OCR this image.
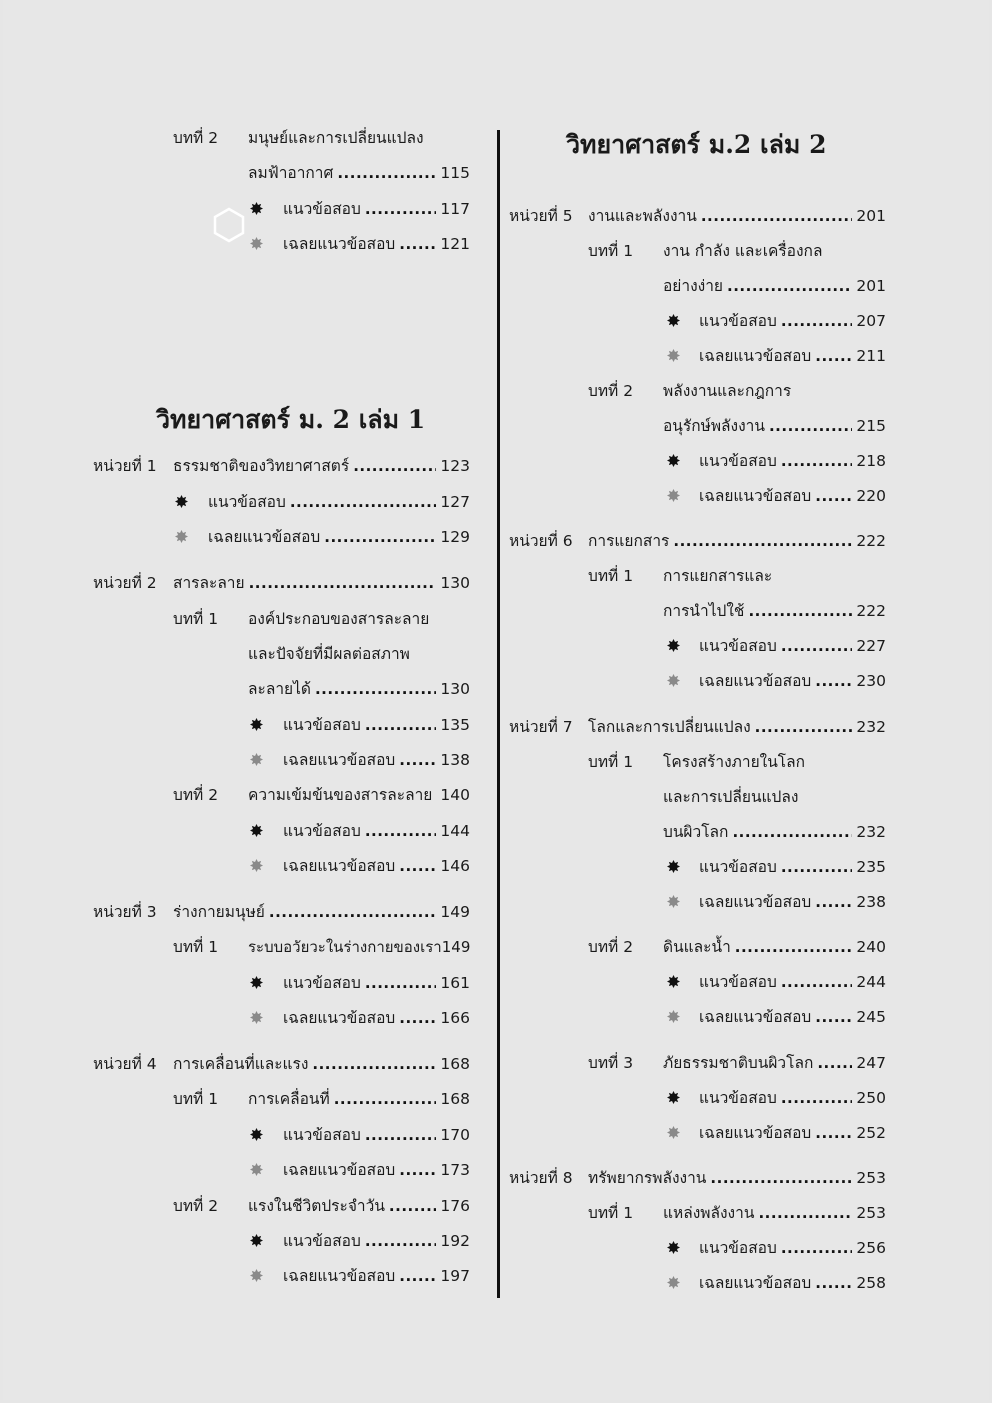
บทที่ 2 มนุษย์และการเปลี่ยนแปลง
ลมฟ้าอากาศ .....	115
แนวข้อสอบ .....	117
เฉลยแนวข้อสอบ .....	121
วิทยาศาสตร์ ม. 2 เล่ม 1
หน่วยที่ 1 ธรรมชาติของวิทยาศาสตร์ .....	123
แนวข้อสอบ .....	127
เฉลยแนวข้อสอบ .....	129
หน่วยที่ 2 สารละลาย .....	130
บทที่ 1 องค์ประกอบของสารละลาย
และปัจจัยที่มีผลต่อสภาพ
ละลายได้ .....	130
แนวข้อสอบ .....	135
เฉลยแนวข้อสอบ .....	138
บทที่ 2 ความเข้มข้นของสารละลาย 140
แนวข้อสอบ .....	144
เฉลยแนวข้อสอบ .....	146
หน่วยที่ 3 ร่างกายมนุษย์ .....	149
บทที่ 1 ระบบอวัยวะในร่างกายของเรา 149
แนวข้อสอบ .....	161
เฉลยแนวข้อสอบ .....	166
หน่วยที่ 4 การเคลื่อนที่และแรง .....	168
บทที่ 1 การเคลื่อนที่ .....	168
แนวข้อสอบ .....	170
เฉลยแนวข้อสอบ .....	173
บทที่ 2 แรงในชีวิตประจำวัน .....	176
แนวข้อสอบ .....	192
เฉลยแนวข้อสอบ .....	197
วิทยาศาสตร์ ม.2 เล่ม 2
หน่วยที่ 5 งานและพลังงาน .....	201
บทที่ 1 งาน กำลัง และเครื่องกล
อย่างง่าย .....	201
แนวข้อสอบ .....	207
เฉลยแนวข้อสอบ .....	211
บทที่ 2 พลังงานและกฎการ
อนุรักษ์พลังงาน .....	215
แนวข้อสอบ .....	218
เฉลยแนวข้อสอบ .....	220
หน่วยที่ 6 การแยกสาร .....	222
บทที่ 1 การแยกสารและ
การนำไปใช้ .....	222
แนวข้อสอบ .....	227
เฉลยแนวข้อสอบ .....	230
หน่วยที่ 7 โลกและการเปลี่ยนแปลง .....	232
บทที่ 1 โครงสร้างภายในโลก
และการเปลี่ยนแปลง
บนผิวโลก .....	232
แนวข้อสอบ .....	235
เฉลยแนวข้อสอบ .....	238
บทที่ 2 ดินและน้ำ .....	240
แนวข้อสอบ .....	244
เฉลยแนวข้อสอบ .....	245
บทที่ 3 ภัยธรรมชาติบนผิวโลก .....	247
แนวข้อสอบ .....	250
เฉลยแนวข้อสอบ .....	252
หน่วยที่ 8 ทรัพยากรพลังงาน .....	253
บทที่ 1 แหล่งพลังงาน .....	253
แนวข้อสอบ .....	256
เฉลยแนวข้อสอบ .....	258
